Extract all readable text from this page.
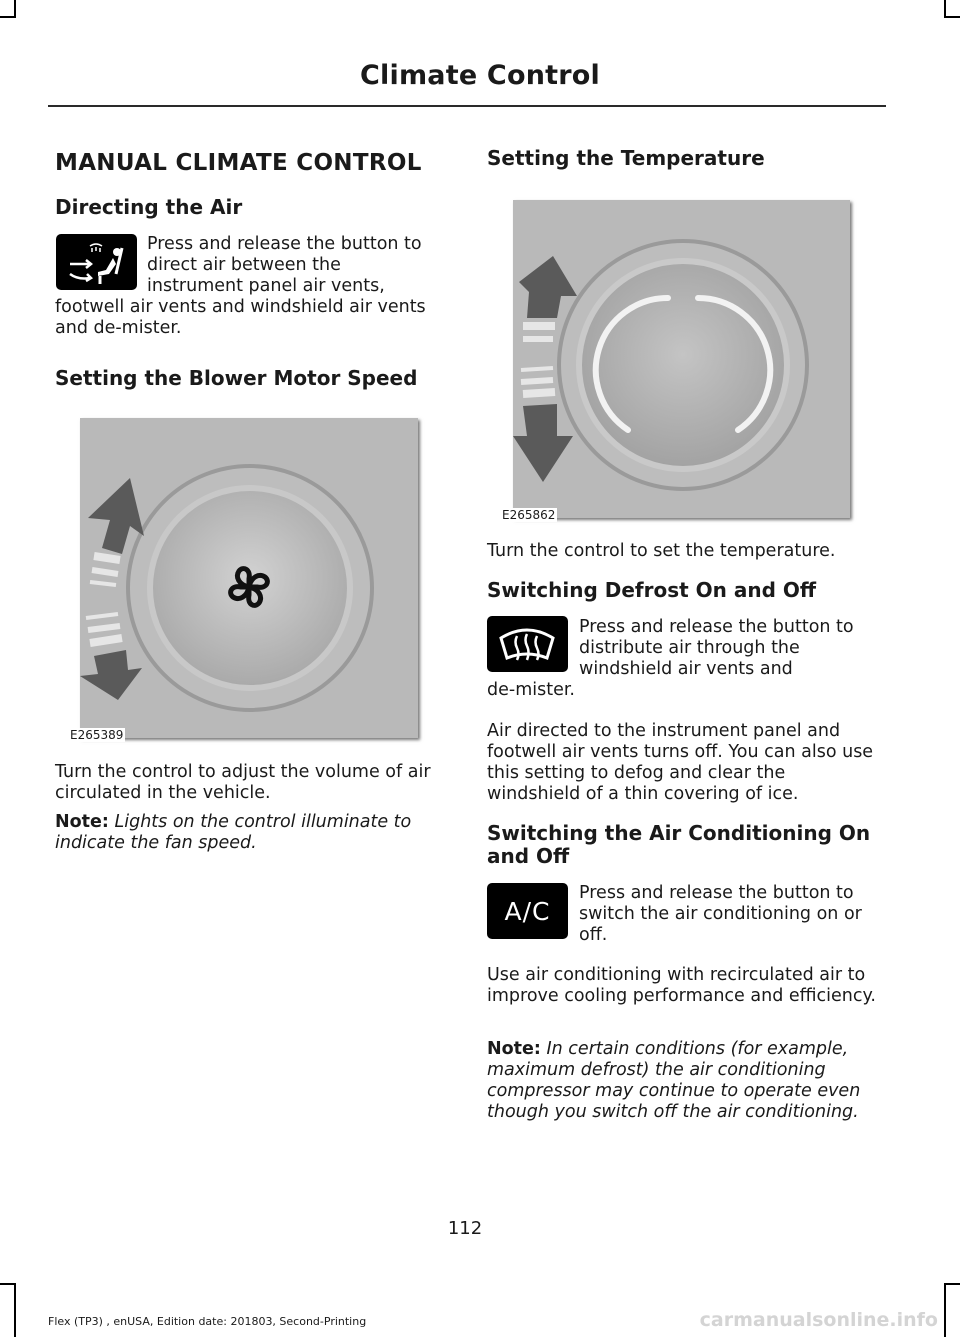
Climate Control
MANUAL CLIMATE CONTROL
Directing the Air

Press and release the button to

direct air between the

instrument panel air vents,

footwell air vents and windshield air vents and de-mister.

Setting the Blower Motor Speed
E265389

Turn the control to adjust the volume of air circulated in the vehicle.

Note: Lights on the control illuminate to indicate the fan speed.

Setting the Temperature
E265862

Turn the control to set the temperature.

Switching Defrost On and Off

Press and release the button to

distribute air through the

windshield air vents and

de-mister.

Air directed to the instrument panel and footwell air vents turns off. You can also use this setting to defog and clear the windshield of a thin covering of ice.

Switching the Air Conditioning On and Off
A/C

Press and release the button to

switch the air conditioning on or

off.

Use air conditioning with recirculated air to improve cooling performance and efficiency.

Note: In certain conditions (for example, maximum defrost) the air conditioning compressor may continue to operate even though you switch off the air conditioning.

112
Flex (TP3) , enUSA, Edition date: 201803, Second-Printing	carmanualsonline.info
